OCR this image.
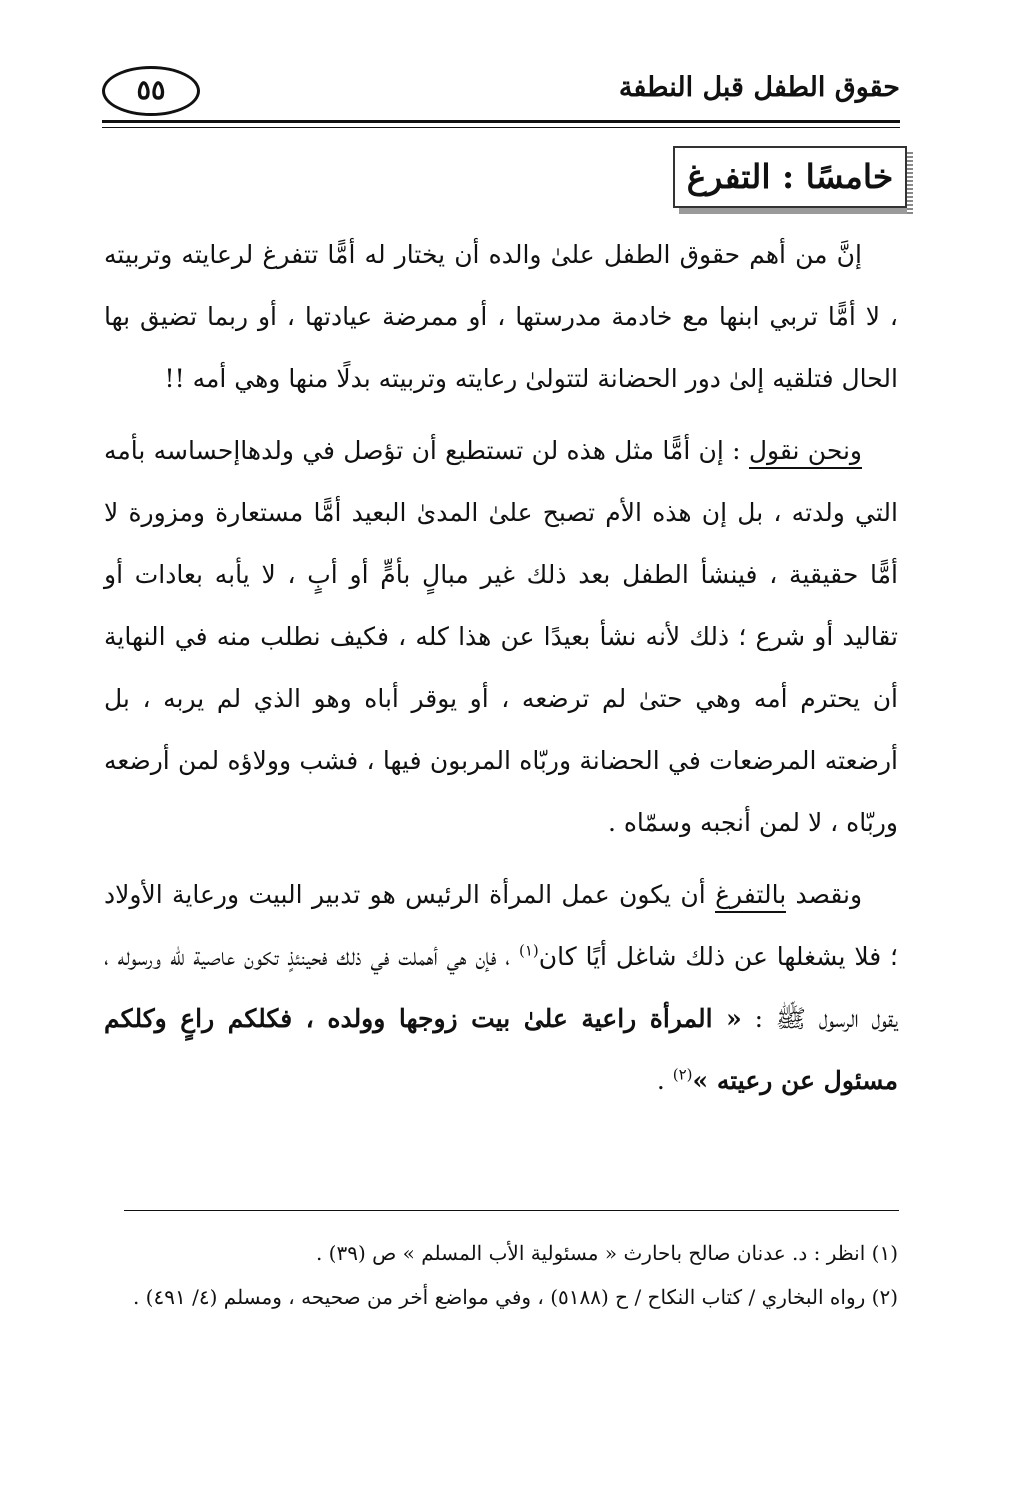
حقوق الطفل قبل النطفة
٥٥
خامسًا : التفرغ

إنَّ من أهم حقوق الطفل علىٰ والده أن يختار له أمًّا تتفرغ لرعايته وتربيته ، لا أمًّا تربي ابنها مع خادمة مدرستها ، أو ممرضة عيادتها ، أو ربما تضيق بها الحال فتلقيه إلىٰ دور الحضانة لتتولىٰ رعايته وتربيته بدلًا منها وهي أمه !!

ونحن نقول : إن أمًّا مثل هذه لن تستطيع أن تؤصل في ولدهاإحساسه بأمه التي ولدته ، بل إن هذه الأم تصبح علىٰ المدىٰ البعيد أمًّا مستعارة ومزورة لا أمًّا حقيقية ، فينشأ الطفل بعد ذلك غير مبالٍ بأمٍّ أو أبٍ ، لا يأبه بعادات أو تقاليد أو شرع ؛ ذلك لأنه نشأ بعيدًا عن هذا كله ، فكيف نطلب منه في النهاية أن يحترم أمه وهي حتىٰ لم ترضعه ، أو يوقر أباه وهو الذي لم يربه ، بل أرضعته المرضعات في الحضانة وربّاه المربون فيها ، فشب وولاؤه لمن أرضعه وربّاه ، لا لمن أنجبه وسمّاه .

ونقصد بالتفرغ أن يكون عمل المرأة الرئيس هو تدبير البيت ورعاية الأولاد ؛ فلا يشغلها عن ذلك شاغل أيًا كان$^{(١)}$ ، فإن هي أهملت في ذلك فحينئذٍ تكون عاصية للّٰه ورسوله ، يقول الرسول ﷺ : « المرأة راعية علىٰ بيت زوجها وولده ، فكلكم راعٍ وكلكم مسئول عن رعيته »$^{(٢)}$ .

(١) انظر : د. عدنان صالح باحارث « مسئولية الأب المسلم » ص (٣٩) .

(٢) رواه البخاري / كتاب النكاح / ح (٥١٨٨) ، وفي مواضع أخر من صحيحه ، ومسلم (٤/ ٤٩١) .
